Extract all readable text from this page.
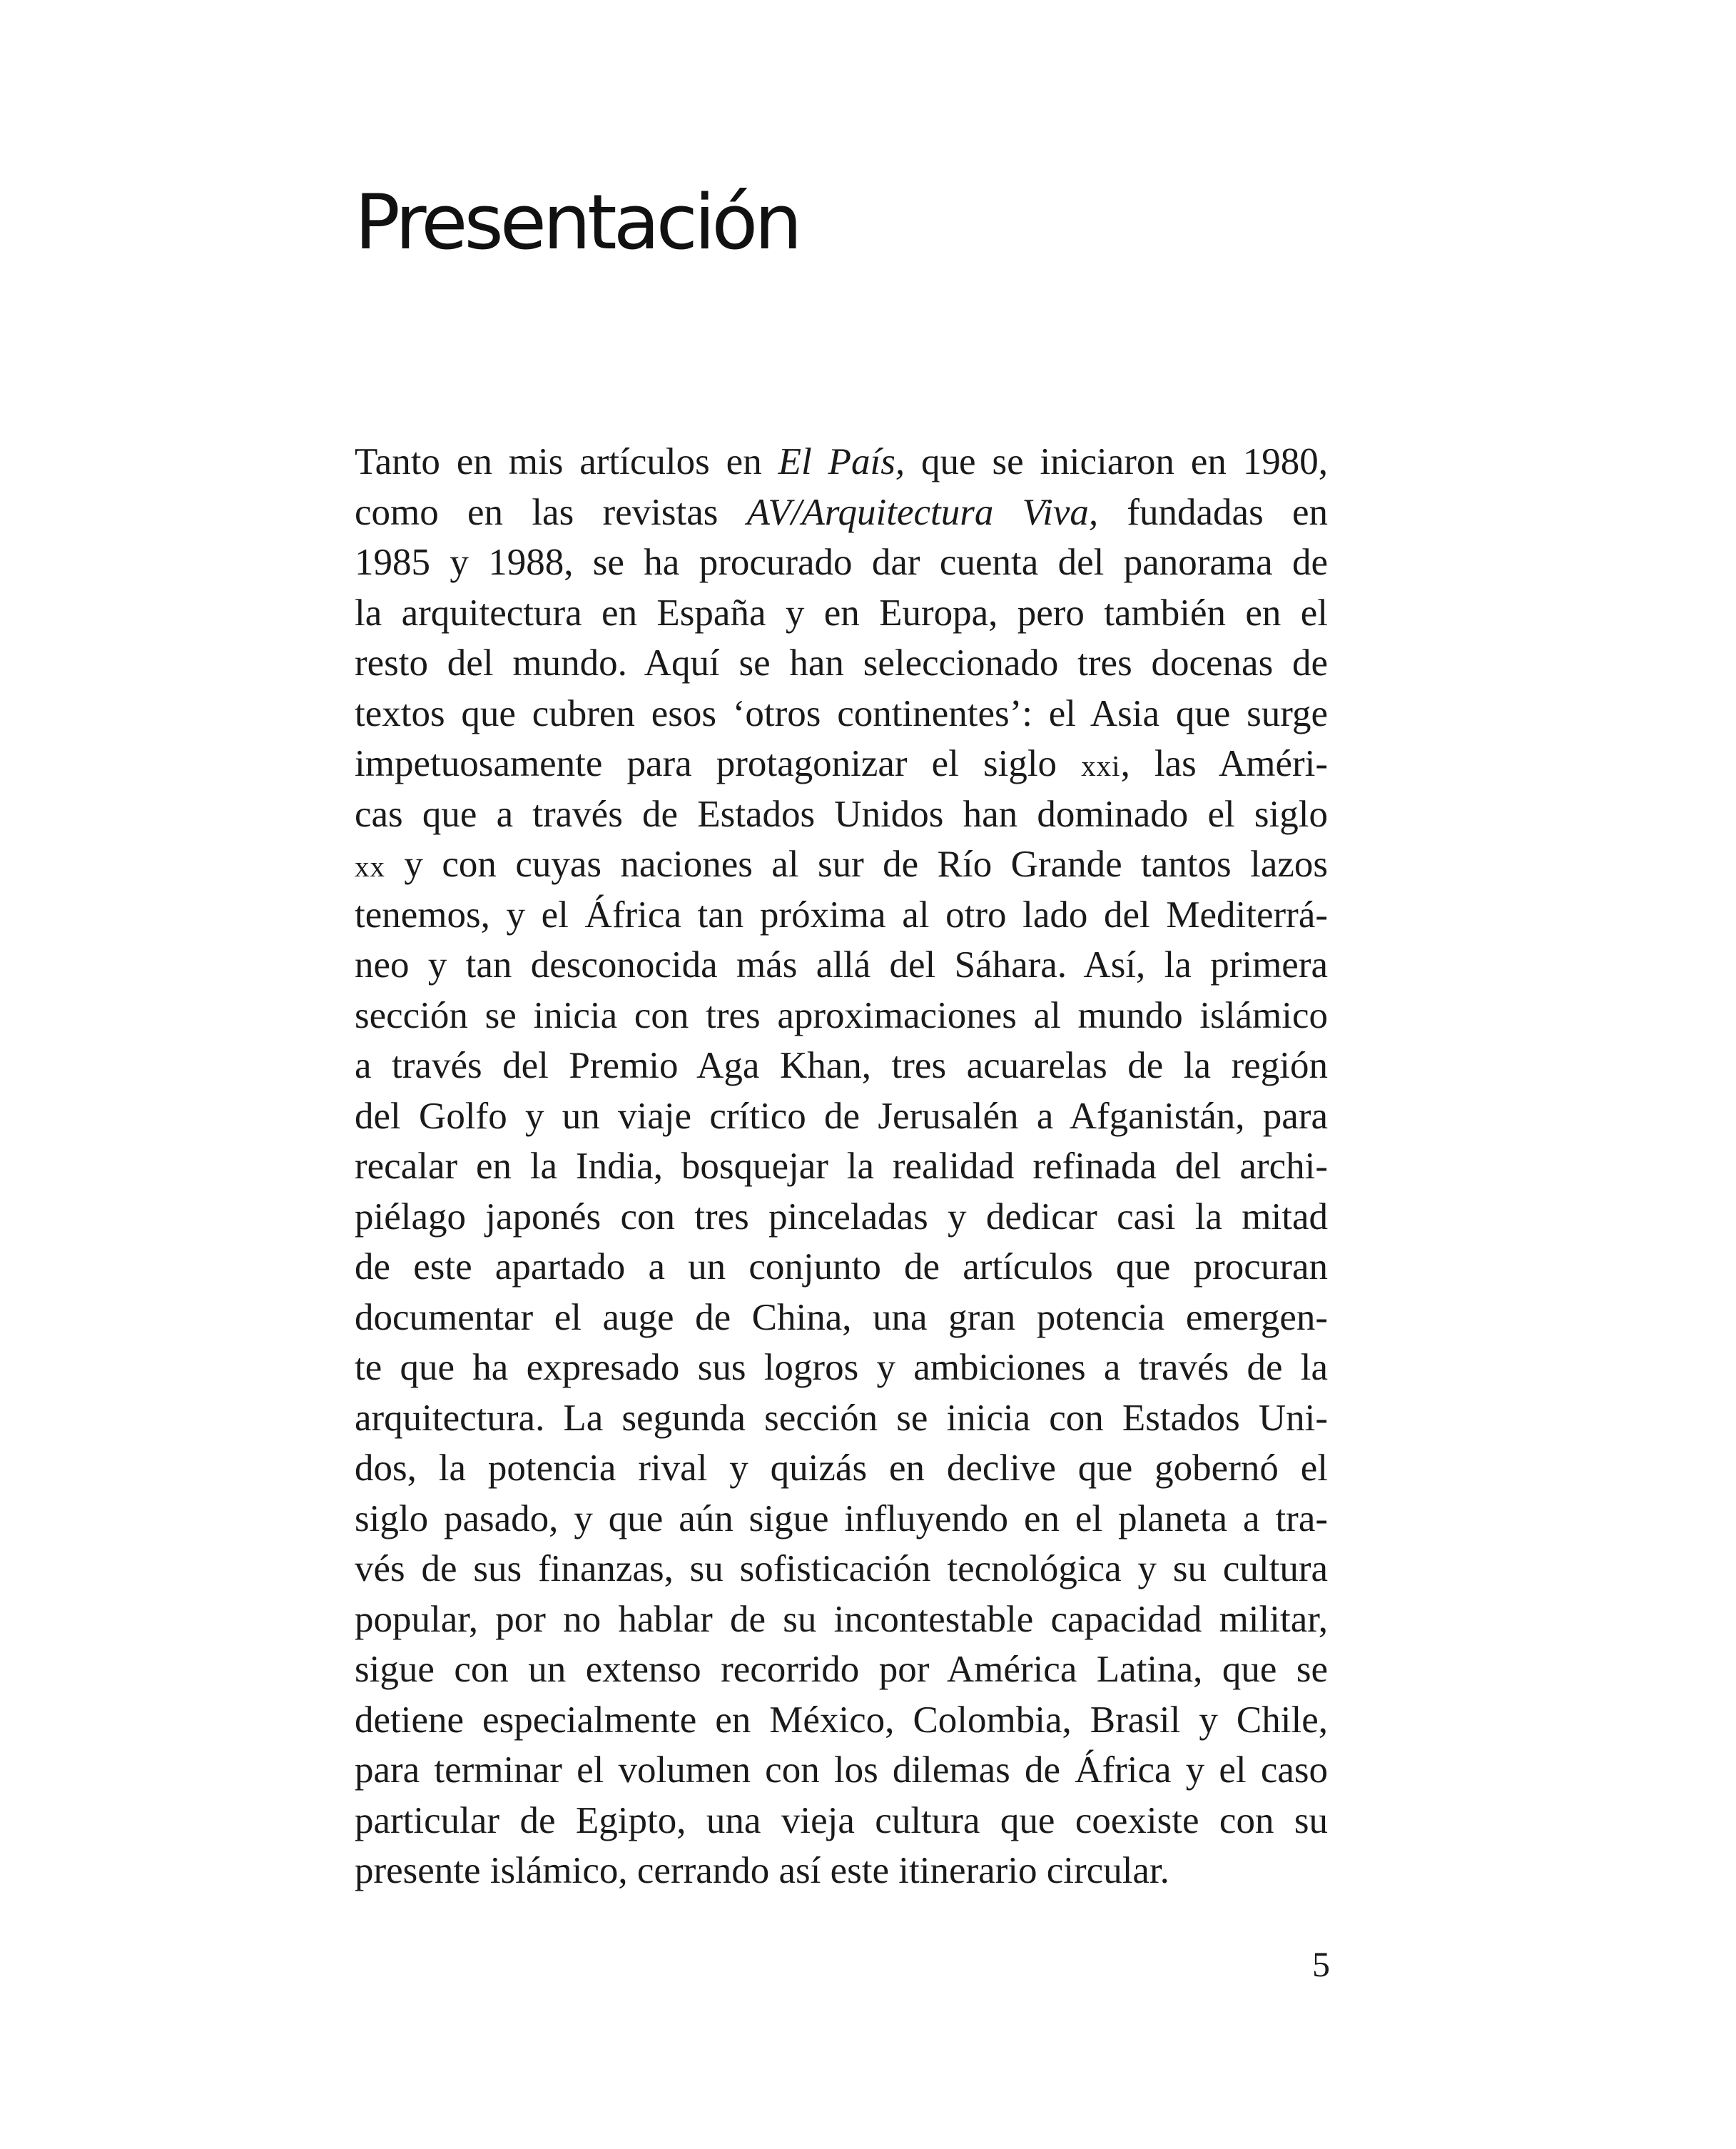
Presentación
Tanto en mis artículos en El País, que se iniciaron en 1980,
como en las revistas AV/Arquitectura Viva, fundadas en
1985 y 1988, se ha procurado dar cuenta del panorama de
la arquitectura en España y en Europa, pero también en el
resto del mundo. Aquí se han seleccionado tres docenas de
textos que cubren esos ‘otros continentes’: el Asia que surge
impetuosamente para protagonizar el siglo xxi, las Améri-
cas que a través de Estados Unidos han dominado el siglo
xx y con cuyas naciones al sur de Río Grande tantos lazos
tenemos, y el África tan próxima al otro lado del Mediterrá-
neo y tan desconocida más allá del Sáhara. Así, la primera
sección se inicia con tres aproximaciones al mundo islámico
a través del Premio Aga Khan, tres acuarelas de la región
del Golfo y un viaje crítico de Jerusalén a Afganistán, para
recalar en la India, bosquejar la realidad refinada del archi-
piélago japonés con tres pinceladas y dedicar casi la mitad
de este apartado a un conjunto de artículos que procuran
documentar el auge de China, una gran potencia emergen-
te que ha expresado sus logros y ambiciones a través de la
arquitectura. La segunda sección se inicia con Estados Uni-
dos, la potencia rival y quizás en declive que gobernó el
siglo pasado, y que aún sigue influyendo en el planeta a tra-
vés de sus finanzas, su sofisticación tecnológica y su cultura
popular, por no hablar de su incontestable capacidad militar,
sigue con un extenso recorrido por América Latina, que se
detiene especialmente en México, Colombia, Brasil y Chile,
para terminar el volumen con los dilemas de África y el caso
particular de Egipto, una vieja cultura que coexiste con su
presente islámico, cerrando así este itinerario circular.
5
